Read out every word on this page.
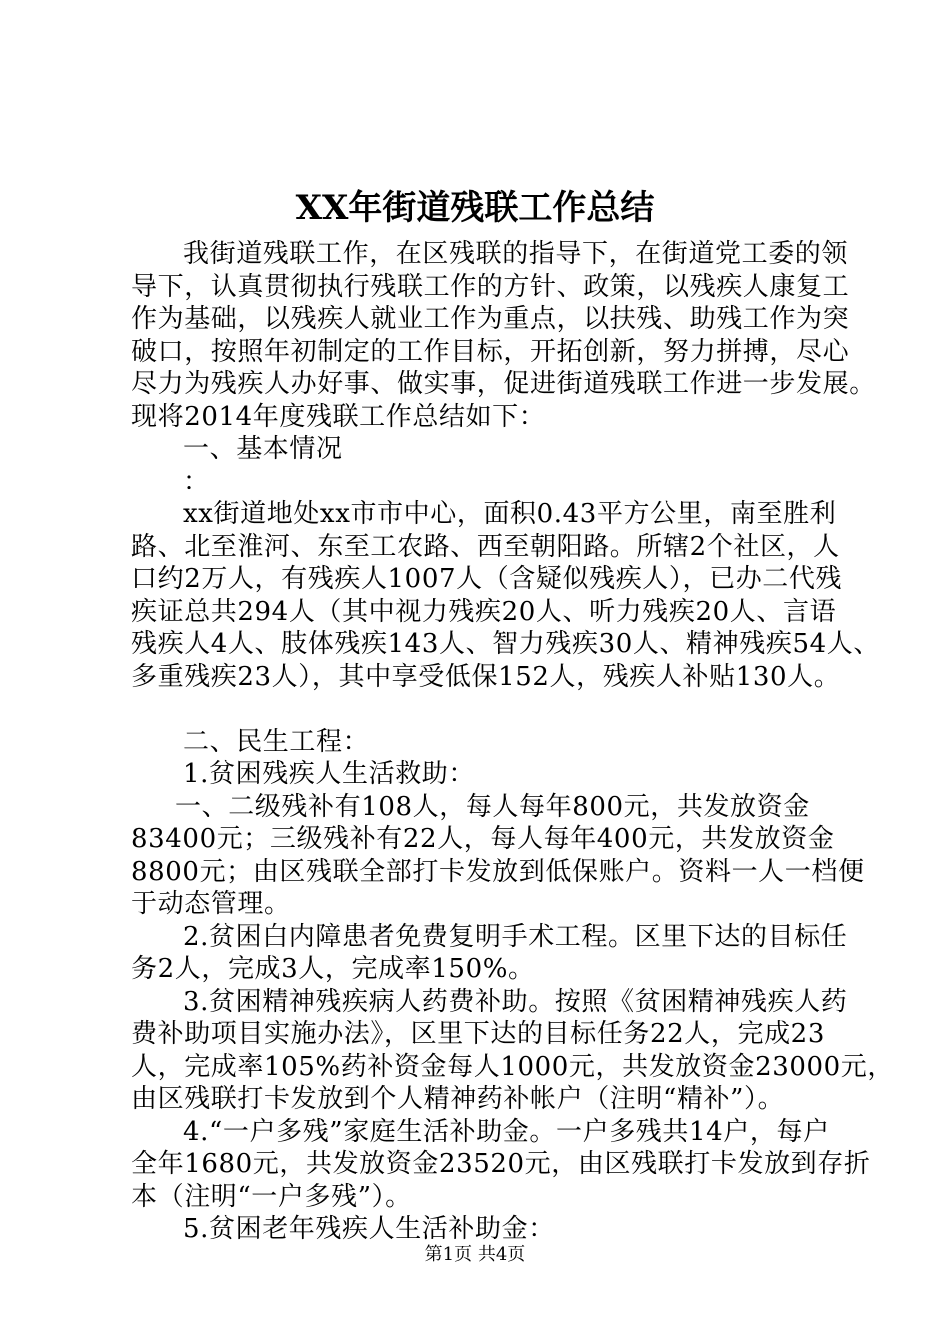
XX年街道残联工作总结
我街道残联工作，在区残联的指导下，在街道党工委的领
导下，认真贯彻执行残联工作的方针、政策，以残疾人康复工
作为基础，以残疾人就业工作为重点，以扶残、助残工作为突
破口，按照年初制定的工作目标，开拓创新，努力拼搏，尽心
尽力为残疾人办好事、做实事，促进街道残联工作进一步发展。
现将2014年度残联工作总结如下：
一、基本情况
：
xx街道地处xx市市中心，面积0.43平方公里，南至胜利
路、北至淮河、东至工农路、西至朝阳路。所辖2个社区，人
口约2万人，有残疾人1007人（含疑似残疾人），已办二代残
疾证总共294人（其中视力残疾20人、听力残疾20人、言语
残疾人4人、肢体残疾143人、智力残疾30人、精神残疾54人、
多重残疾23人），其中享受低保152人，残疾人补贴130人。
二、民生工程：
1.贫困残疾人生活救助：
一、二级残补有108人，每人每年800元，共发放资金
83400元；三级残补有22人，每人每年400元，共发放资金
8800元；由区残联全部打卡发放到低保账户。资料一人一档便
于动态管理。
2.贫困白内障患者免费复明手术工程。区里下达的目标任
务2人，完成3人，完成率150%。
3.贫困精神残疾病人药费补助。按照《贫困精神残疾人药
费补助项目实施办法》，区里下达的目标任务22人，完成23
人，完成率105%药补资金每人1000元，共发放资金23000元，
由区残联打卡发放到个人精神药补帐户（注明“精补”）。
4.“一户多残”家庭生活补助金。一户多残共14户，每户
全年1680元，共发放资金23520元，由区残联打卡发放到存折
本（注明“一户多残”）。
5.贫困老年残疾人生活补助金：
第1页 共4页
